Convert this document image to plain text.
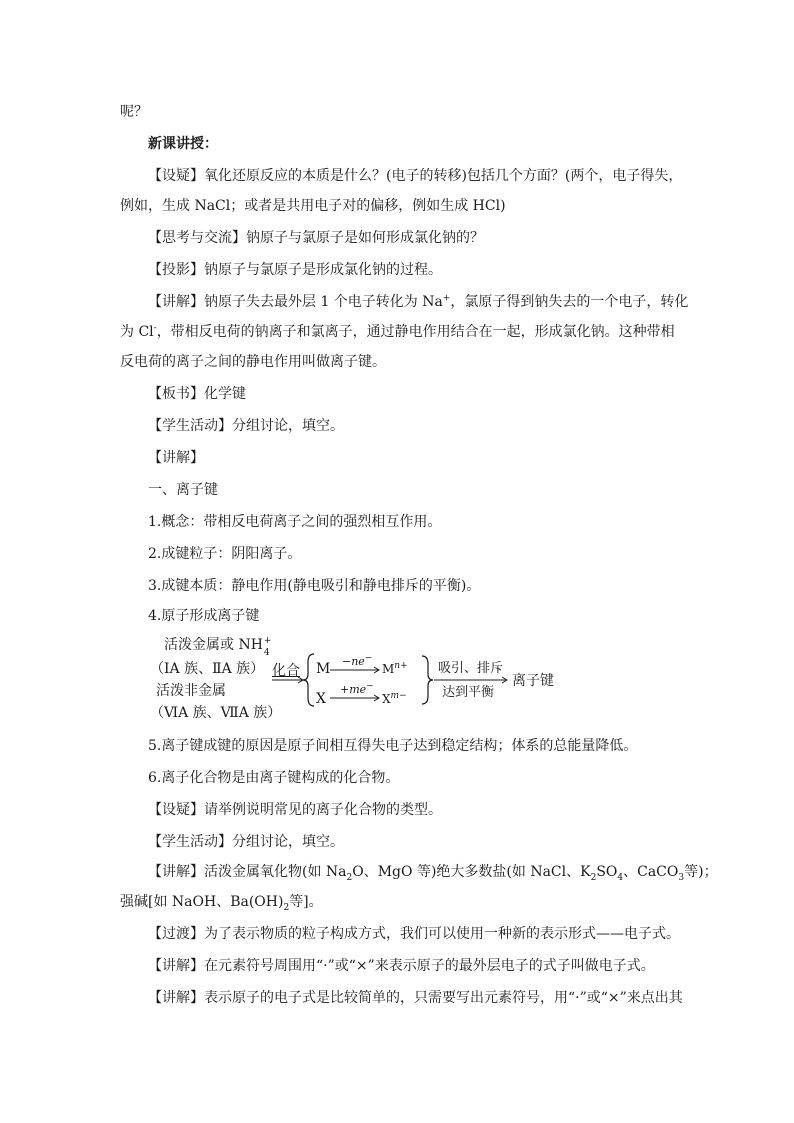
呢？

新课讲授：

【设疑】氧化还原反应的本质是什么？(电子的转移)包括几个方面？(两个，电子得失，

例如，生成 NaCl；或者是共用电子对的偏移，例如生成 HCl)

【思考与交流】钠原子与氯原子是如何形成氯化钠的？

【投影】钠原子与氯原子是形成氯化钠的过程。

【讲解】钠原子失去最外层 1 个电子转化为 Na+，氯原子得到钠失去的一个电子，转化

为 Cl-，带相反电荷的钠离子和氯离子，通过静电作用结合在一起，形成氯化钠。这种带相

反电荷的离子之间的静电作用叫做离子键。

【板书】化学键

【学生活动】分组讨论，填空。

【讲解】

一、离子键

1.概念：带相反电荷离子之间的强烈相互作用。

2.成键粒子：阴阳离子。

3.成键本质：静电作用(静电吸引和静电排斥的平衡)。

4.原子形成离子键

活泼金属或 NH +
4
（ⅠA 族、ⅡA 族）
活泼非金属
（ⅥA 族、ⅦA 族）
化合 M
X
−ne−
+me−
$M^{n+}$
$X^{m-}$
吸引、排斥
达到平衡
离子键

5.离子键成键的原因是原子间相互得失电子达到稳定结构；体系的总能量降低。

6.离子化合物是由离子键构成的化合物。

【设疑】请举例说明常见的离子化合物的类型。

【学生活动】分组讨论，填空。

【讲解】活泼金属氧化物(如 $Na_2O$、MgO 等)绝大多数盐(如 NaCl、$K_2SO_4$、CaCO$_3$等)；

强碱[如 NaOH、$Ba(OH)_2$等]。

【过渡】为了表示物质的粒子构成方式，我们可以使用一种新的表示形式——电子式。

【讲解】在元素符号周围用“·”或“×”来表示原子的最外层电子的式子叫做电子式。

【讲解】表示原子的电子式是比较简单的，只需要写出元素符号，用“·”或“×”来点出其
